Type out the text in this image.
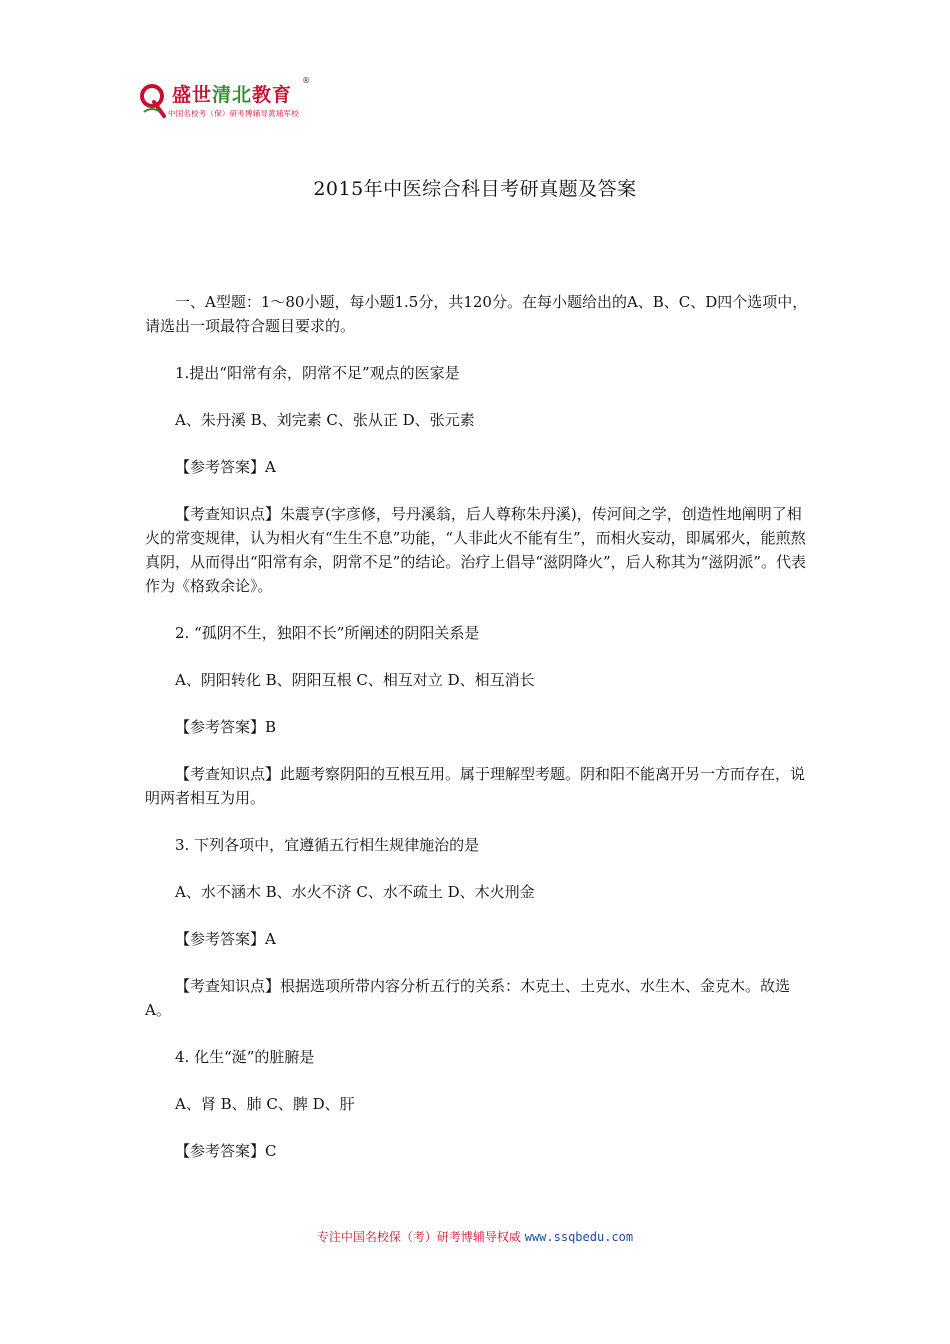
盛世清北教育
®
中国名校考（保）研考博辅导黄埔军校
2015年中医综合科目考研真题及答案

一、A型题：1～80小题，每小题1.5分，共120分。在每小题给出的A、B、C、D四个选项中，请选出一项最符合题目要求的。

1.提出“阳常有余，阴常不足”观点的医家是

A、朱丹溪 B、刘完素 C、张从正 D、张元素

【参考答案】A

【考查知识点】朱震亨(字彦修，号丹溪翁，后人尊称朱丹溪)，传河间之学，创造性地阐明了相火的常变规律，认为相火有“生生不息”功能，“人非此火不能有生”，而相火妄动，即属邪火，能煎熬真阴，从而得出“阳常有余，阴常不足”的结论。治疗上倡导“滋阴降火”，后人称其为“滋阴派”。代表作为《格致余论》。

2. “孤阴不生，独阳不长”所阐述的阴阳关系是

A、阴阳转化 B、阴阳互根 C、相互对立 D、相互消长

【参考答案】B

【考查知识点】此题考察阴阳的互根互用。属于理解型考题。阴和阳不能离开另一方而存在，说明两者相互为用。

3. 下列各项中，宜遵循五行相生规律施治的是

A、水不涵木 B、水火不济 C、水不疏土 D、木火刑金

【参考答案】A

【考查知识点】根据选项所带内容分析五行的关系：木克土、土克水、水生木、金克木。故选A。

4. 化生“涎”的脏腑是

A、肾 B、肺 C、脾 D、肝

【参考答案】C

专注中国名校保（考）研考博辅导权威 www.ssqbedu.com
